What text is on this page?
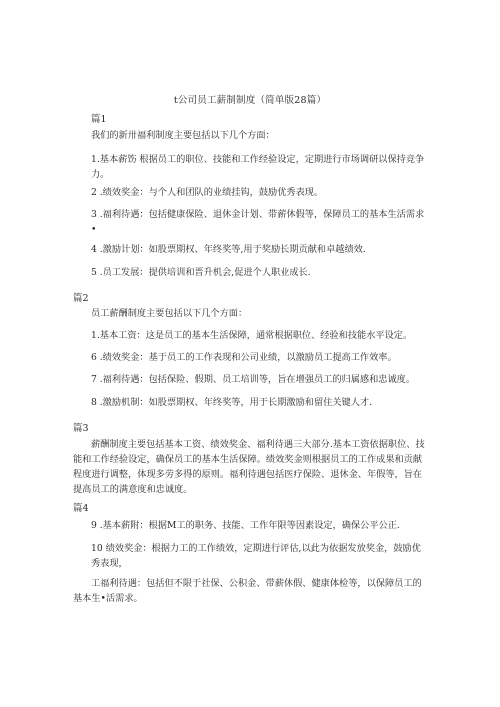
t公司员工薪制制度（简单版28篇）
篇1

我们的新卅福利制度主要包括以下几个方面：

1.基本薪饬 根据员工的职位、技能和工作经验设定，定期进行市场调研以保持竞争力。

2 .绩效奖金：与个人和团队的业绩挂钩，鼓励优秀表现。

3 .福利待遇：包括健康保险、退休金计划、带薪休假等，保障员工的基本生活需求•

4 .激励计划：如股票期权、年终奖等,用于奖励长期贡献和卓越绩效.

5 .员工发展：提供培训和晋升机会,促进个人职业成长.

篇2

员工薪酬制度主要包括以下几个方面：

1.基本工资：这是员工的基本生活保障，通常根据职位、经验和技能水平设定。

6 .绩效奖金：基于员工的工作表现和公司业绩，以激励员工提高工作效率。

7 .福利待遇：包括保险、假期、员工培训等，旨在增强员工的归属感和忠诚度。

8 .激励机制：如股票期权、年终奖等，用于长期激励和留住关键人才.

篇3

薪酬制度主要包括基本工资、绩效奖金、福利待遇三大部分.基本工资依据职位、技能和工作经验设定，确保员工的基本生活保障。绩效奖金则根据员工的工作成果和贡献程度进行调整，体现多劳多得的原则。福利待遇包括医疗保险、退休金、年假等，旨在提高员工的满意度和忠诚度。

篇4

9 .基本薪附：根据M工的职务、技能、工作年限等因素设定，确保公平公正.

10 绩效奖金：根据力工的工作绩效，定期进行评估,以此为依据发放奖金，鼓励优秀表现，

工福利待遇：包括但不限于社保、公积金、带薪休假、健康体检等，以保障员工的基本生•活需求。
